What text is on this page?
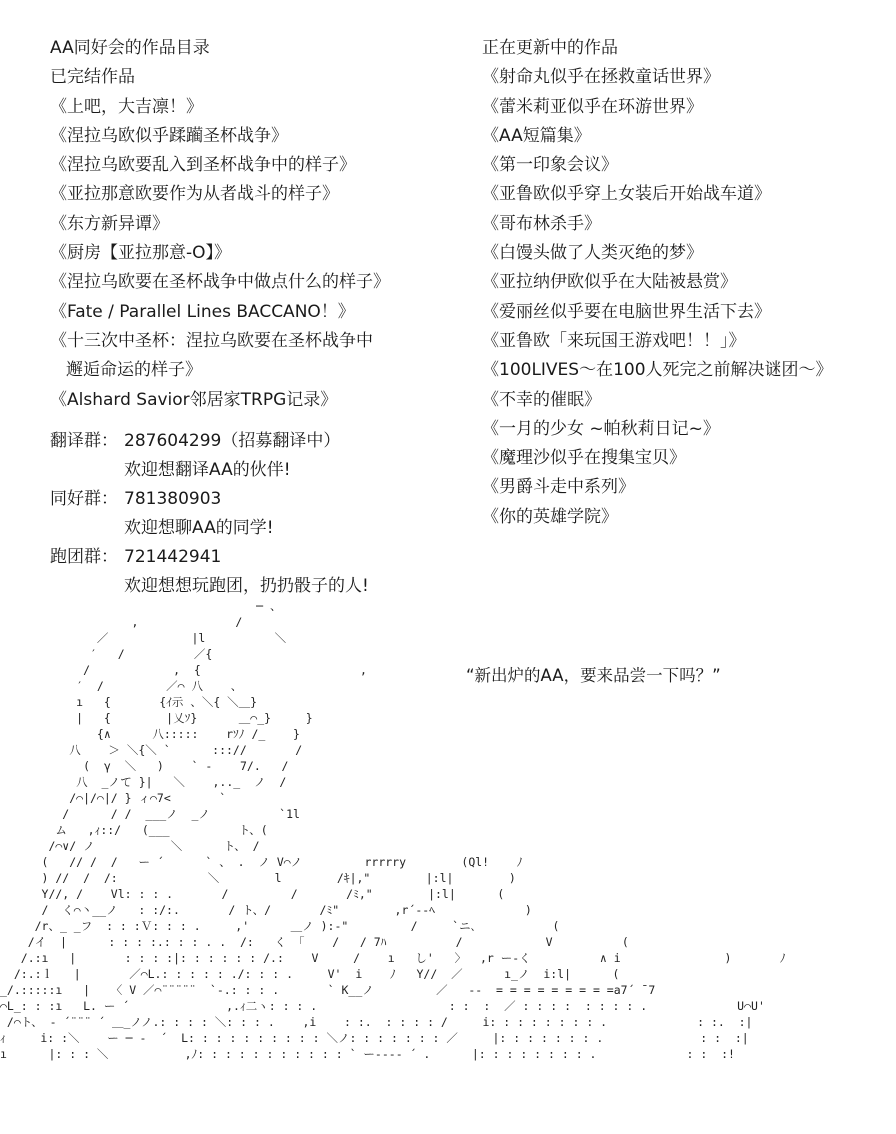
AA同好会的作品目录
已完结作品
《上吧，大吉凛！》
《涅拉乌欧似乎蹂躏圣杯战争》
《涅拉乌欧要乱入到圣杯战争中的样子》
《亚拉那意欧要作为从者战斗的样子》
《东方新异谭》
《厨房【亚拉那意-O】》
《涅拉乌欧要在圣杯战争中做点什么的样子》
《Fate / Parallel Lines BACCANO！》
《十三次中圣杯：涅拉乌欧要在圣杯战争中
邂逅命运的样子》
《Alshard Savior邻居家TRPG记录》
正在更新中的作品
《射命丸似乎在拯救童话世界》
《蕾米莉亚似乎在环游世界》
《AA短篇集》
《第一印象会议》
《亚鲁欧似乎穿上女装后开始战车道》
《哥布林杀手》
《白馒头做了人类灭绝的梦》
《亚拉纳伊欧似乎在大陆被悬赏》
《爱丽丝似乎要在电脑世界生活下去》
《亚鲁欧「来玩国王游戏吧！！」》
《100LIVES～在100人死完之前解决谜团～》
《不幸的催眠》
《一月的少女 ~帕秋莉日记~》
《魔理沙似乎在搜集宝贝》
《男爵斗走中系列》
《你的英雄学院》
翻译群： 287604299（招募翻译中）
欢迎想翻译AA的伙伴!
同好群： 781380903
欢迎想聊AA的同学!
跑团群： 721442941
欢迎想想玩跑团，扔扔骰子的人!
“新出炉的AA，要来品尝一下吗？”
─ 、
,              /
／            |l          ＼
′   /          ／{
/            ,  {                       ,
′  /         ／⌒ 八    、
ı   {       {ｲ示 、＼{ ＼＿}
|   {        |乂ｿ}      ＿⌒_}     }
{∧      八:::::    rｿﾉ /_    }
八    ＞ ＼{＼ `      ::://       /
(  γ  ＼   )    ` ‐    7/.   /
八  _ノて }|   ＼    ,.._  ノ  /
/⌒|/⌒|/ } ィ⌒7<       `
/      / /  ___ノ  _ノ          `1l
ム   ,ｨ::/   (___          ト、(
/⌒∨/ ノ           ＼      ト、 /
(   // /  /   ー ´      ` 、 .  ノ V⌒ノ         rrrrry        (Ql!    ﾉ
) //  /  /:             ＼        l        /ｷ|,"        |:l|        )
Y//, /    Vl: : : .       /         /       /ﾐ,"        |:l|      (
/  く⌒丶__ノ   : :/:.       / ト、/       /ﾐ"        ,r´-‐ﾍ             )
/r、_ _フ  : : :Ｖ: : : .     ,'      ＿ノ ):‐"         /     `ニ､           (
/イ  |      : : : :.: : : . .  /:   く 「    /   / 7ﾊ          /            V          (
/.:ı   |       : : : :|: : : : : : /.:    V     /    ı   し'   〉  ,r ー‐く          ∧ i               )       ﾉ
/:.:ｌ   |       ／⌒L.: : : : : ./: : : .     V'  i    ﾉ   Y//  ／      ı_ノ  i:l|      (
_/.:::::ı   |   〈 V ／⌒¨¨¨¨¨  `‐.: : : .       ` K__ノ         ／   ‐‐  = = = = = = = = =a7´ ̄ 7
⌒L_: : :ı   L. ー ´              ,.ｨ二ヽ: : : .                   : :  :  ／ : : : :  : : : : .             U⌒U'
/⌒ト、 ‐ ´¨¨¨ ´ ＿_ノノ.: : : : ＼: : : .    ,i    : :.  : : : : /     i: : : : : : : : .             : :.  :|
ｨ     i: :＼    ー ─ ‐  ´  L: : : : : : : : : : ＼ノ: : : : : : : ／     |: : : : : : : .              : :  :|
ı      |: : : ＼           ,ﾉ: : : : : : : : : : : ` ー‐‐‐‐ ´ .      |: : : : : : : : .             : :  :!
